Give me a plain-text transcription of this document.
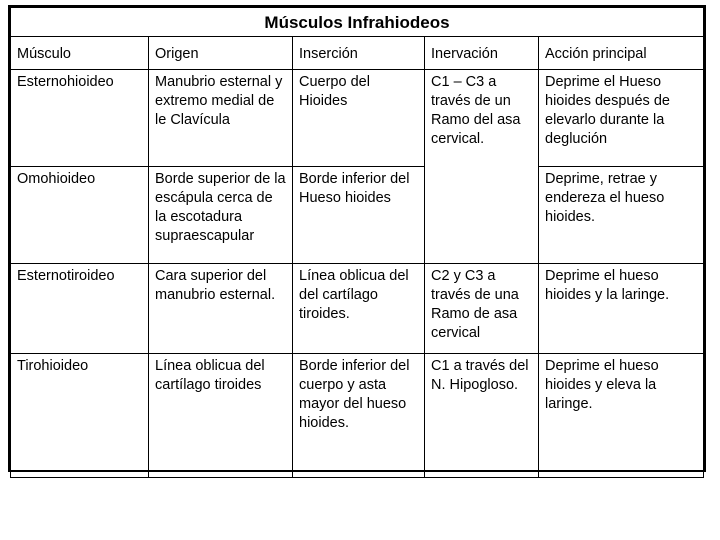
Músculos Infrahiodeos				
Músculo	Origen	Inserción	Inervación	Acción principal
Esternohioideo	Manubrio esternal y extremo medial de le Clavícula	Cuerpo del Hioides	C1 – C3 a través de un Ramo del asa cervical.	Deprime el Hueso hioides después de elevarlo durante la deglución
Omohioideo	Borde superior de la escápula cerca de la escotadura supraescapular	Borde inferior del Hueso hioides		Deprime, retrae y endereza el hueso hioides.
Esternotiroideo	Cara superior del manubrio esternal.	Línea oblicua del del cartílago tiroides.	C2 y C3 a través de una Ramo de asa cervical	Deprime el hueso hioides y la laringe.
Tirohioideo	Línea oblicua del cartílago tiroides	Borde inferior del cuerpo y asta mayor del hueso hioides.	C1 a través del N. Hipogloso.	Deprime el hueso hioides y eleva la laringe.
